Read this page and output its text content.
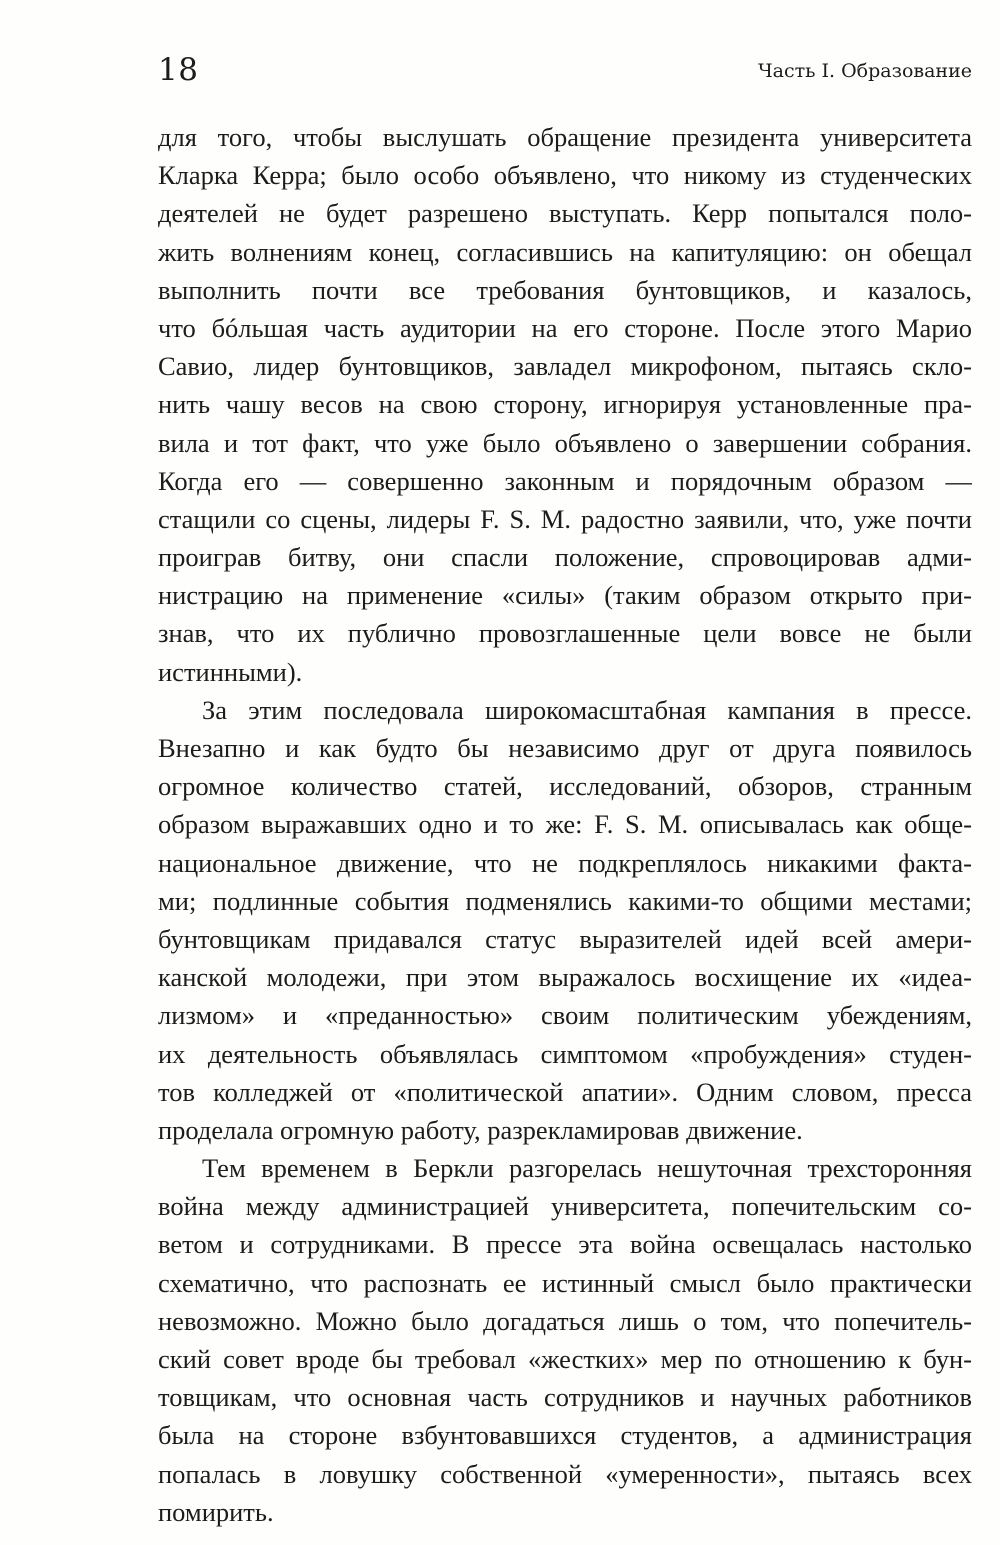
18	Часть I. Образование
для того, чтобы выслушать обращение президента университета
Кларка Керра; было особо объявлено, что никому из студенческих
деятелей не будет разрешено выступать. Керр попытался поло-
жить волнениям конец, согласившись на капитуляцию: он обещал
выполнить почти все требования бунтовщиков, и казалось,
что бóльшая часть аудитории на его стороне. После этого Марио
Савио, лидер бунтовщиков, завладел микрофоном, пытаясь скло-
нить чашу весов на свою сторону, игнорируя установленные пра-
вила и тот факт, что уже было объявлено о завершении собрания.
Когда его — совершенно законным и порядочным образом —
стащили со сцены, лидеры F. S. M. радостно заявили, что, уже почти
проиграв битву, они спасли положение, спровоцировав адми-
нистрацию на применение «силы» (таким образом открыто при-
знав, что их публично провозглашенные цели вовсе не были
истинными).
За этим последовала широкомасштабная кампания в прессе.
Внезапно и как будто бы независимо друг от друга появилось
огромное количество статей, исследований, обзоров, странным
образом выражавших одно и то же: F. S. M. описывалась как обще-
национальное движение, что не подкреплялось никакими факта-
ми; подлинные события подменялись какими-то общими местами;
бунтовщикам придавался статус выразителей идей всей амери-
канской молодежи, при этом выражалось восхищение их «идеа-
лизмом» и «преданностью» своим политическим убеждениям,
их деятельность объявлялась симптомом «пробуждения» студен-
тов колледжей от «политической апатии». Одним словом, пресса
проделала огромную работу, разрекламировав движение.
Тем временем в Беркли разгорелась нешуточная трехсторонняя
война между администрацией университета, попечительским со-
ветом и сотрудниками. В прессе эта война освещалась настолько
схематично, что распознать ее истинный смысл было практически
невозможно. Можно было догадаться лишь о том, что попечитель-
ский совет вроде бы требовал «жестких» мер по отношению к бун-
товщикам, что основная часть сотрудников и научных работников
была на стороне взбунтовавшихся студентов, а администрация
попалась в ловушку собственной «умеренности», пытаясь всех
помирить.
